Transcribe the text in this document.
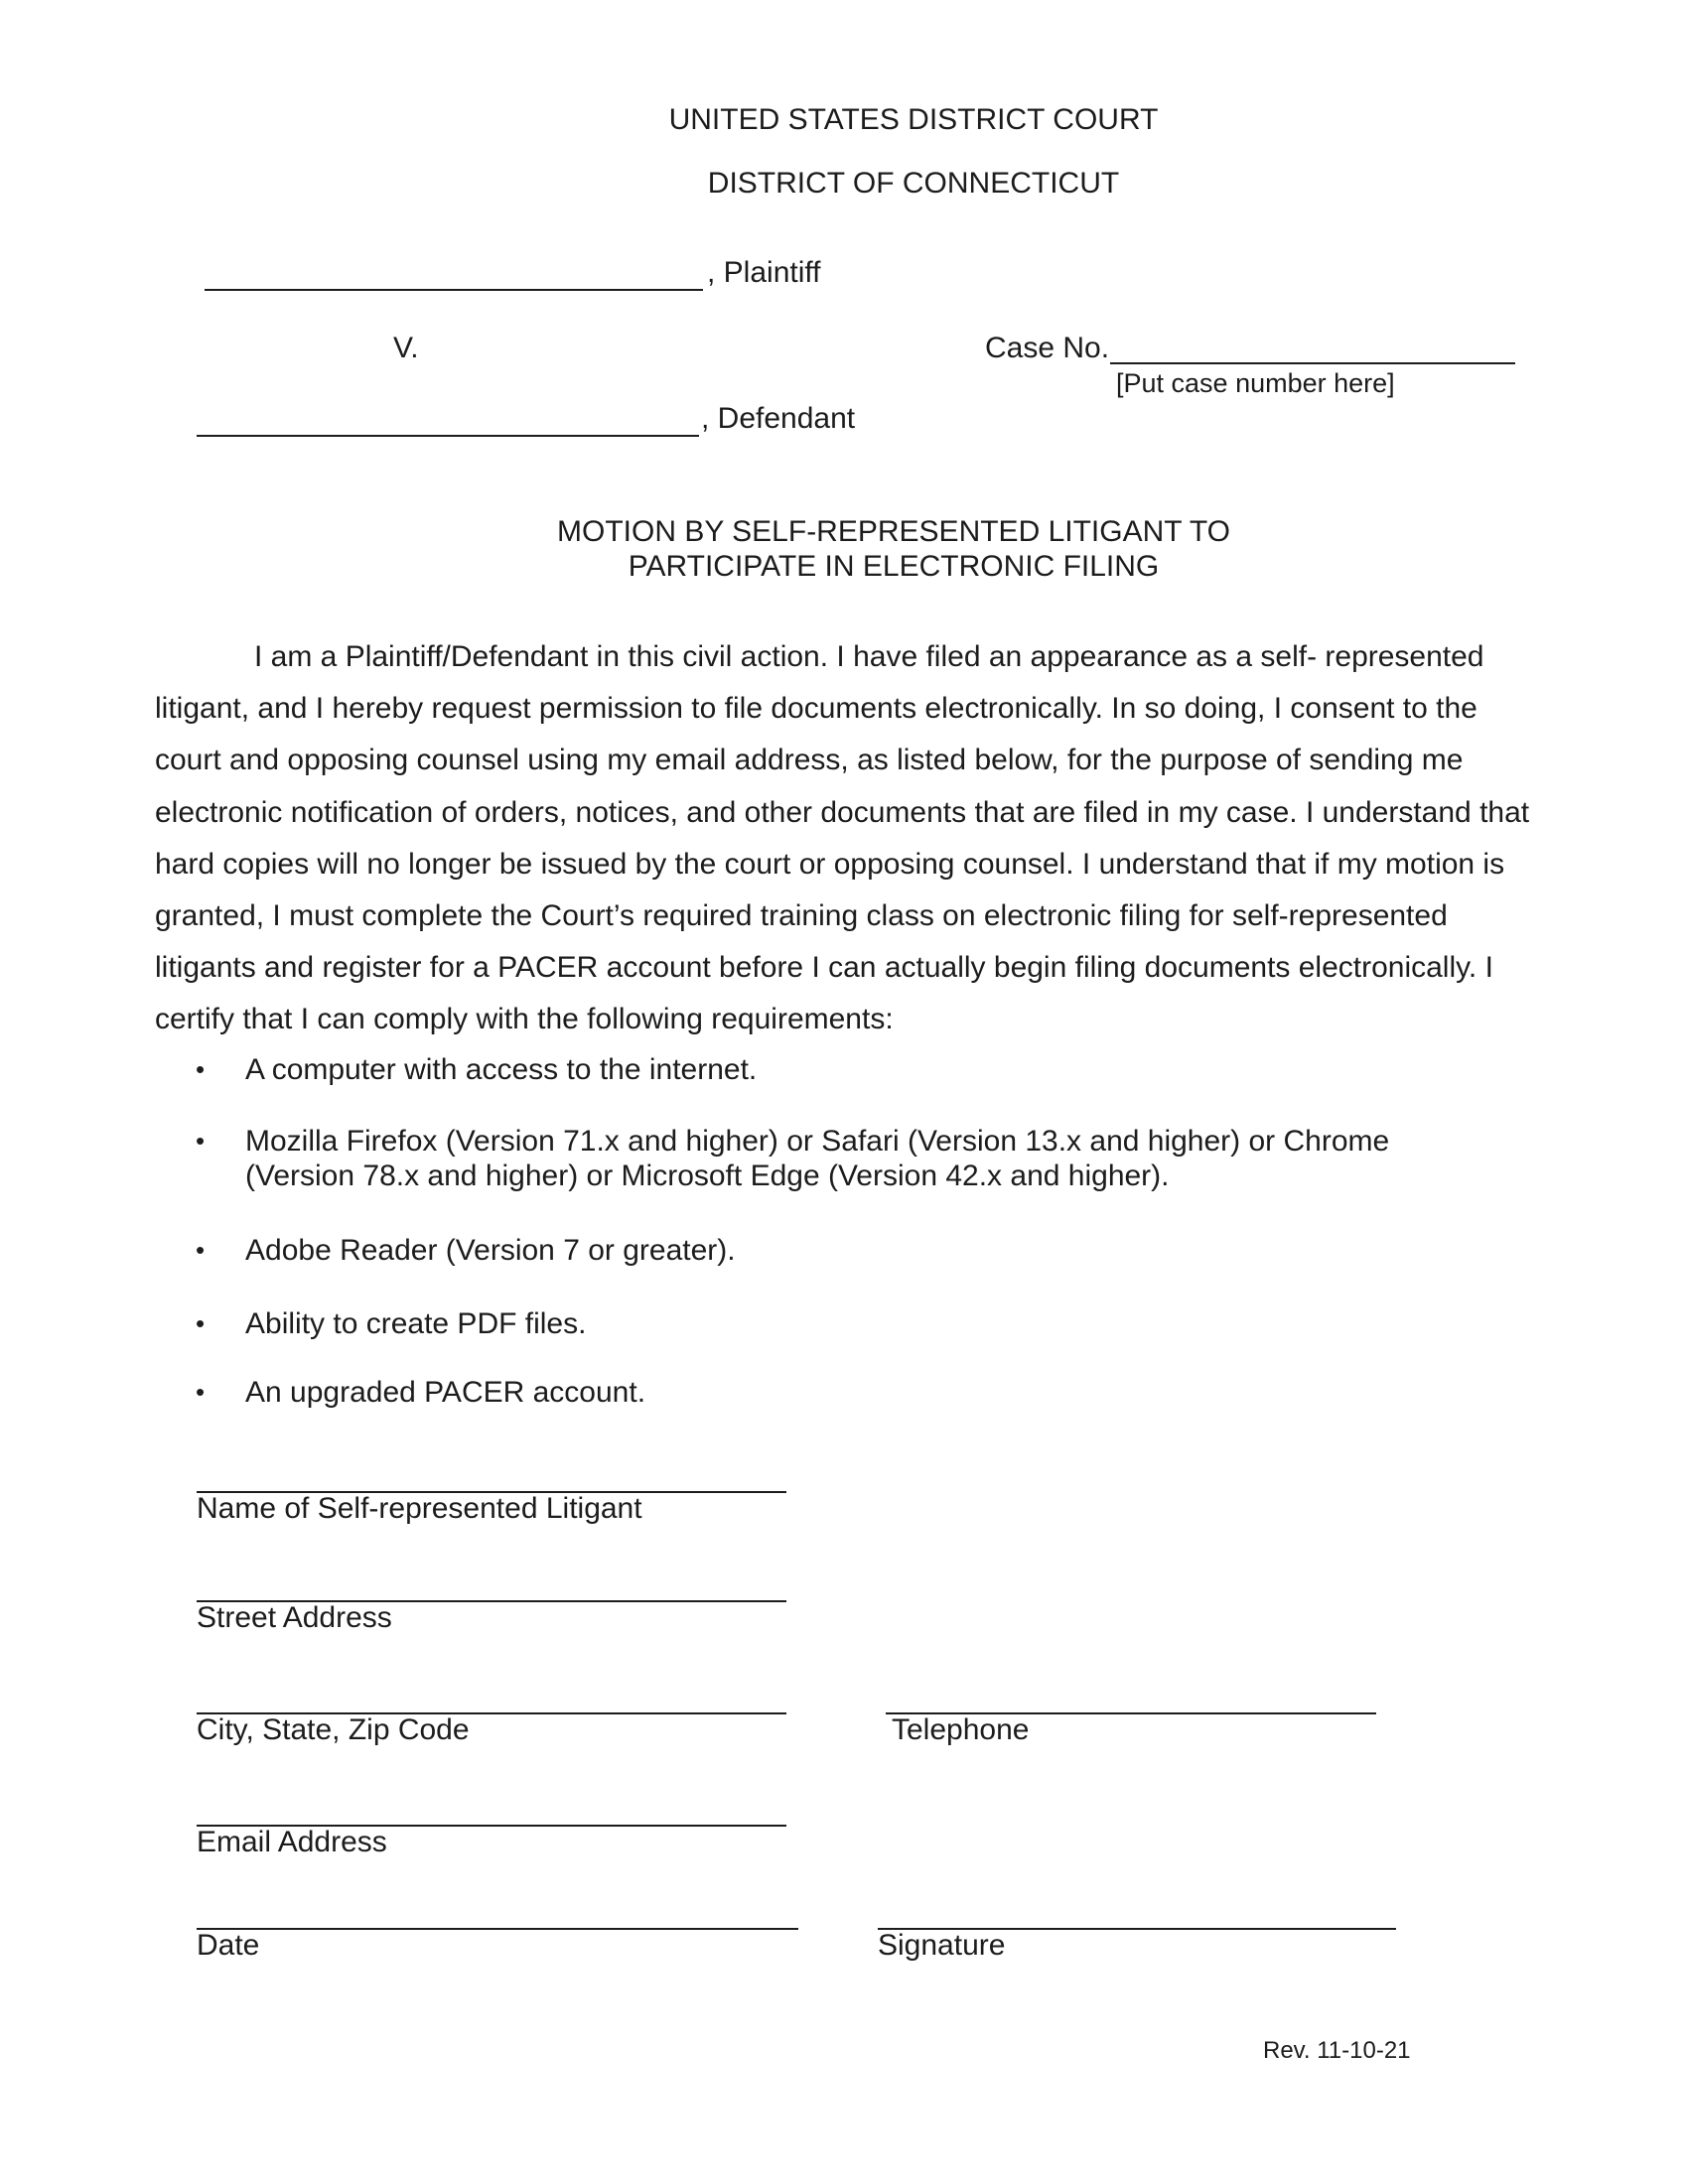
UNITED STATES DISTRICT COURT
DISTRICT OF CONNECTICUT
, Plaintiff
V.	Case No.
[Put case number here]
, Defendant
MOTION BY SELF-REPRESENTED LITIGANT TO
PARTICIPATE IN ELECTRONIC FILING
I am a Plaintiff/Defendant in this civil action. I have filed an appearance as a self- represented litigant, and I hereby request permission to file documents electronically. In so doing, I consent to the court and opposing counsel using my email address, as listed below, for the purpose of sending me electronic notification of orders, notices, and other documents that are filed in my case. I understand that hard copies will no longer be issued by the court or opposing counsel. I understand that if my motion is granted, I must complete the Court’s required training class on electronic filing for self-represented litigants and register for a PACER account before I can actually begin filing documents electronically. I certify that I can comply with the following requirements:
• A computer with access to the internet.
• Mozilla Firefox (Version 71.x and higher) or Safari (Version 13.x and higher) or Chrome
(Version 78.x and higher) or Microsoft Edge (Version 42.x and higher).
• Adobe Reader (Version 7 or greater).
• Ability to create PDF files.
• An upgraded PACER account.
Name of Self-represented Litigant
Street Address
City, State, Zip Code	Telephone
Email Address
Date	Signature
Rev. 11-10-21
